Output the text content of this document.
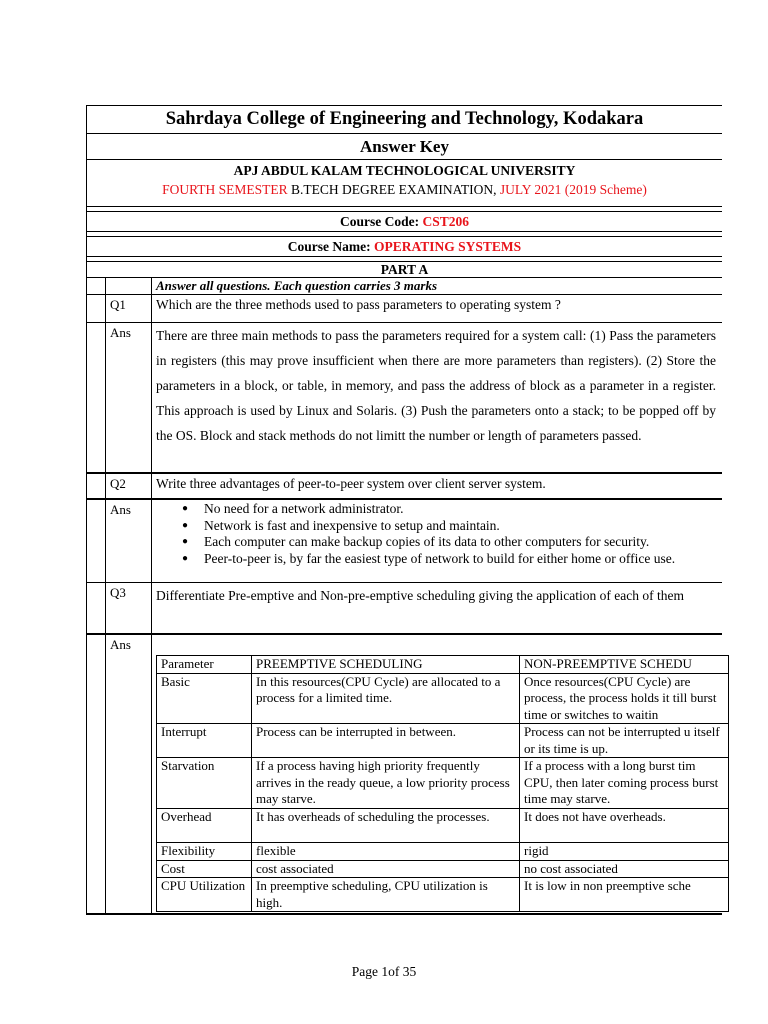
Sahrdaya College of Engineering and Technology, Kodakara
Answer Key
APJ ABDUL KALAM TECHNOLOGICAL UNIVERSITY
FOURTH SEMESTER B.TECH DEGREE EXAMINATION, JULY 2021 (2019 Scheme)
Course Code: CST206
Course Name: OPERATING SYSTEMS
PART A
Answer all questions. Each question carries 3 marks
Q1	Which are the three methods used to pass parameters to operating system ?
Ans	There are three main methods to pass the parameters required for a system call: (1) Pass the parameters in registers (this may prove insufficient when there are more parameters than registers). (2) Store the parameters in a block, or table, in memory, and pass the address of block as a parameter in a register. This approach is used by Linux and Solaris. (3) Push the parameters onto a stack; to be popped off by the OS. Block and stack methods do not limitt the number or length of parameters passed.
Q2	Write three advantages of peer-to-peer system over client server system.
Ans	● No need for a network administrator.
● Network is fast and inexpensive to setup and maintain.
● Each computer can make backup copies of its data to other computers for security.
● Peer-to-peer is, by far the easiest type of network to build for either home or office use.
Q3	Differentiate Pre-emptive and Non-pre-emptive scheduling giving the application of each of them
Ans
Parameter	PREEMPTIVE SCHEDULING	NON-PREEMPTIVE SCHEDU
Basic	In this resources(CPU Cycle) are allocated to a process for a limited time.	Once resources(CPU Cycle) are process, the process holds it till burst time or switches to waitin
Interrupt	Process can be interrupted in between.	Process can not be interrupted u itself or its time is up.
Starvation	If a process having high priority frequently arrives in the ready queue, a low priority process may starve.	If a process with a long burst tim CPU, then later coming process burst time may starve.
Overhead	It has overheads of scheduling the processes.	It does not have overheads.
Flexibility	flexible	rigid
Cost	cost associated	no cost associated
CPU Utilization	In preemptive scheduling, CPU utilization is high.	It is low in non preemptive sche
Page 1of 35
